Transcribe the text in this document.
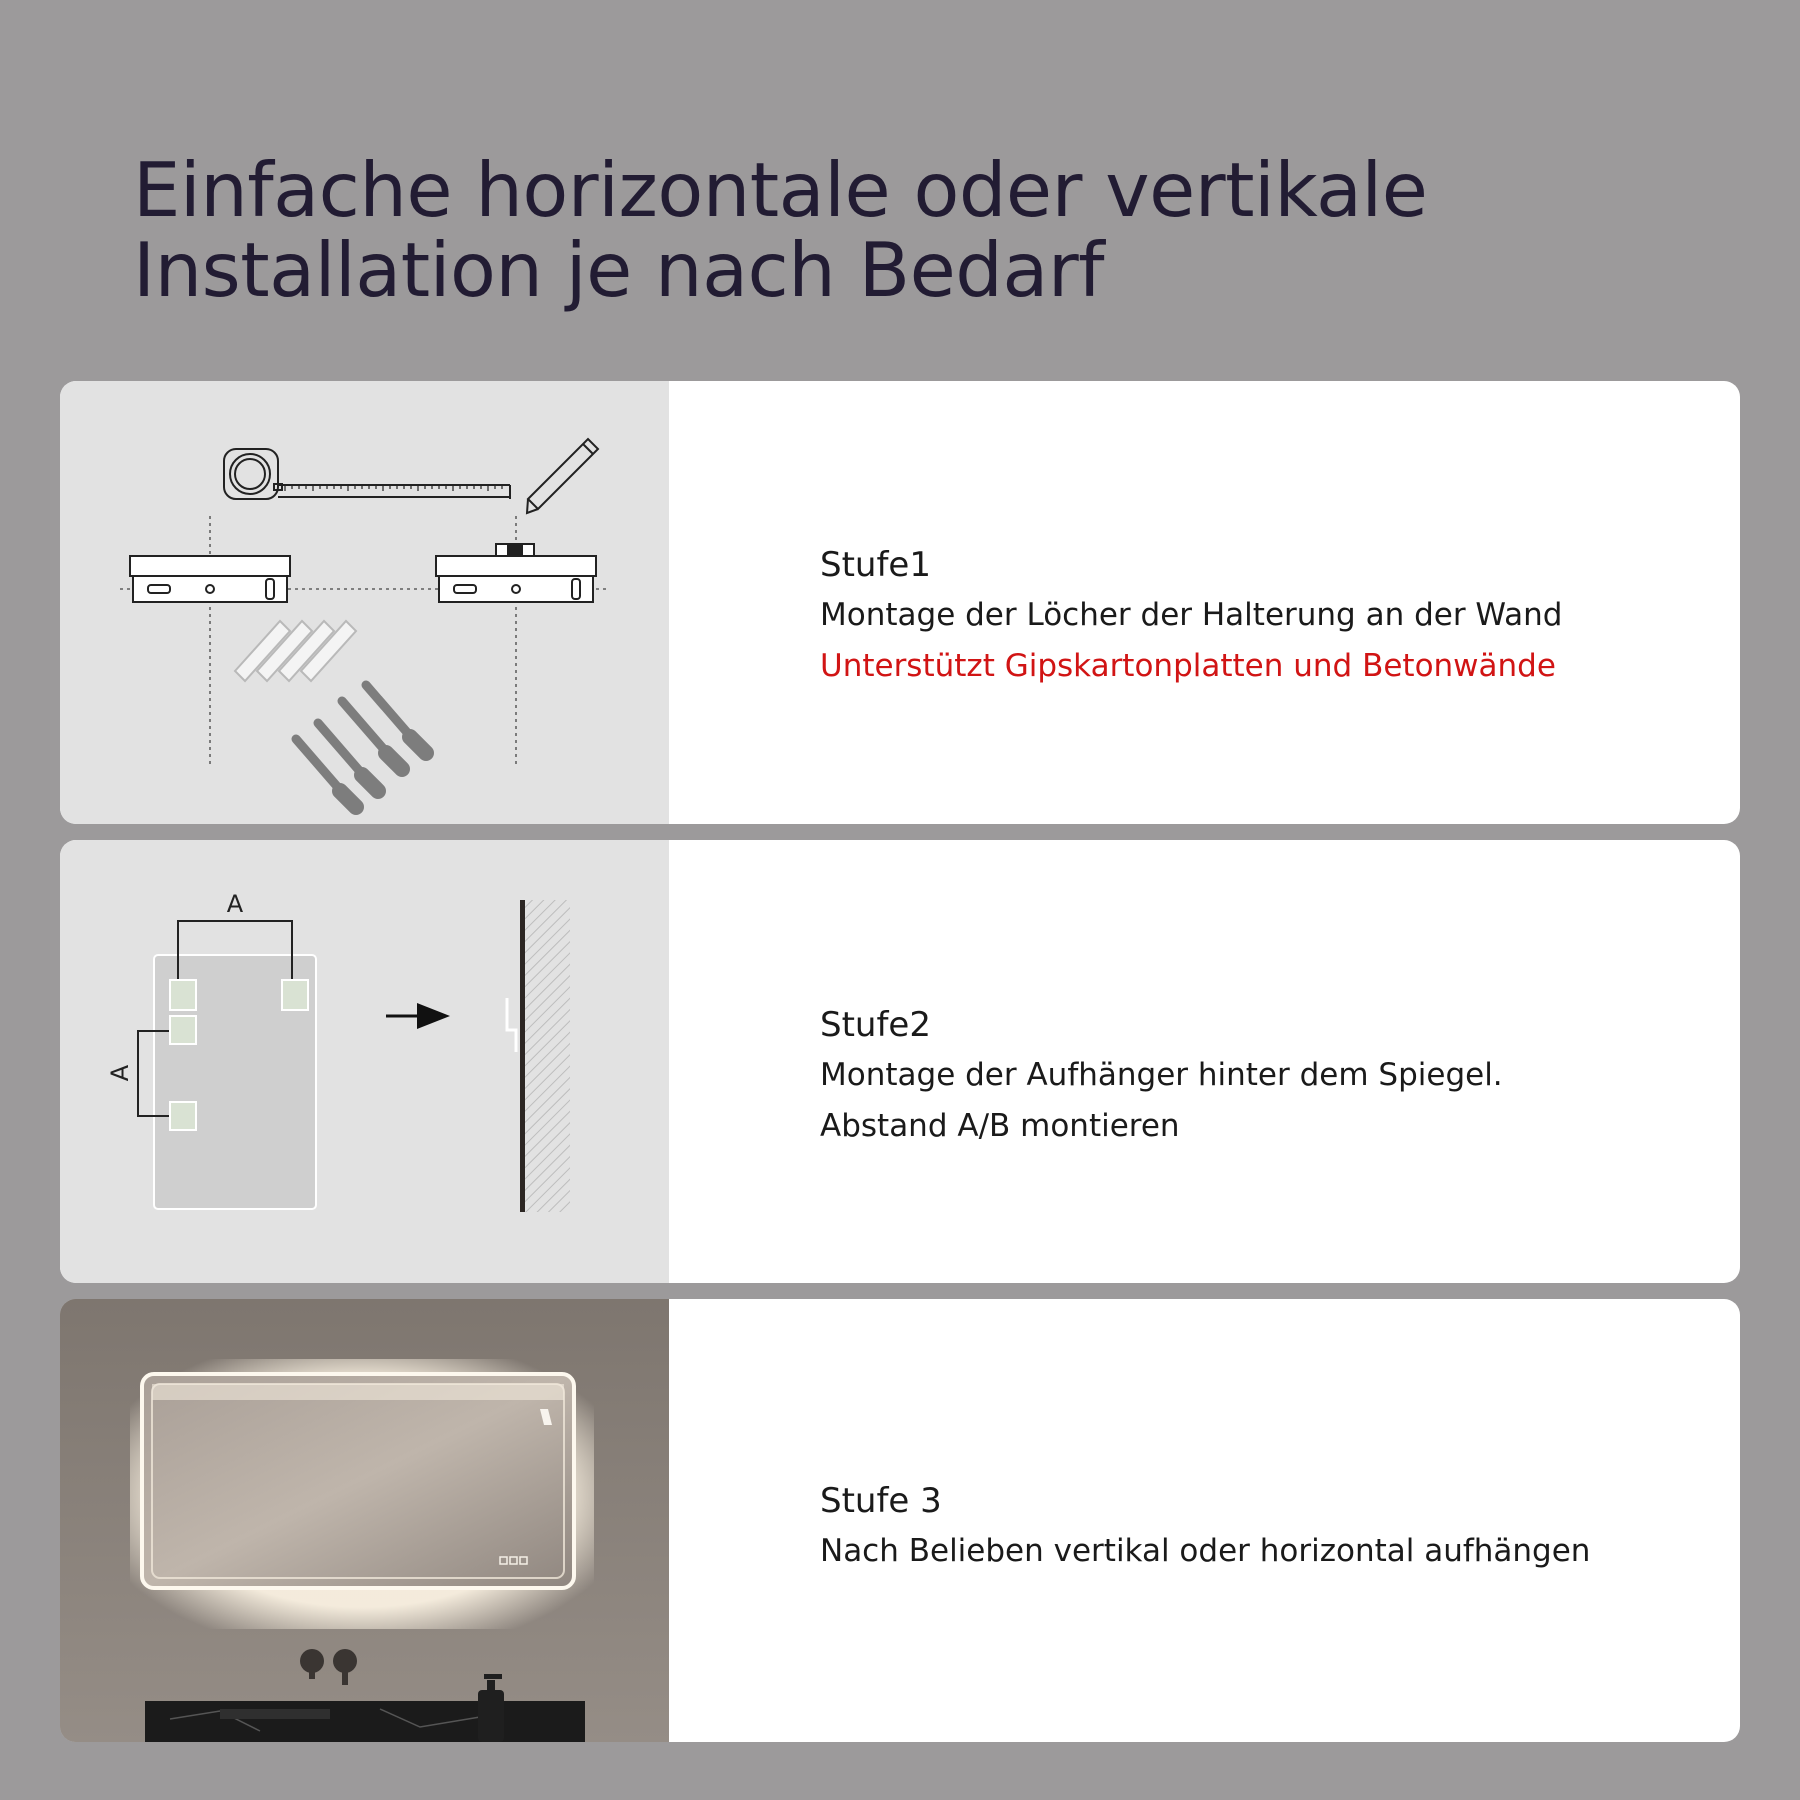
Einfache horizontale oder vertikale
Installation je nach Bedarf
Stufe1
Montage der Löcher der Halterung an der Wand
Unterstützt Gipskartonplatten und Betonwände
A
A
Stufe2
Montage der Aufhänger hinter dem Spiegel.
Abstand A/B montieren
Stufe 3
Nach Belieben vertikal oder horizontal aufhängen
